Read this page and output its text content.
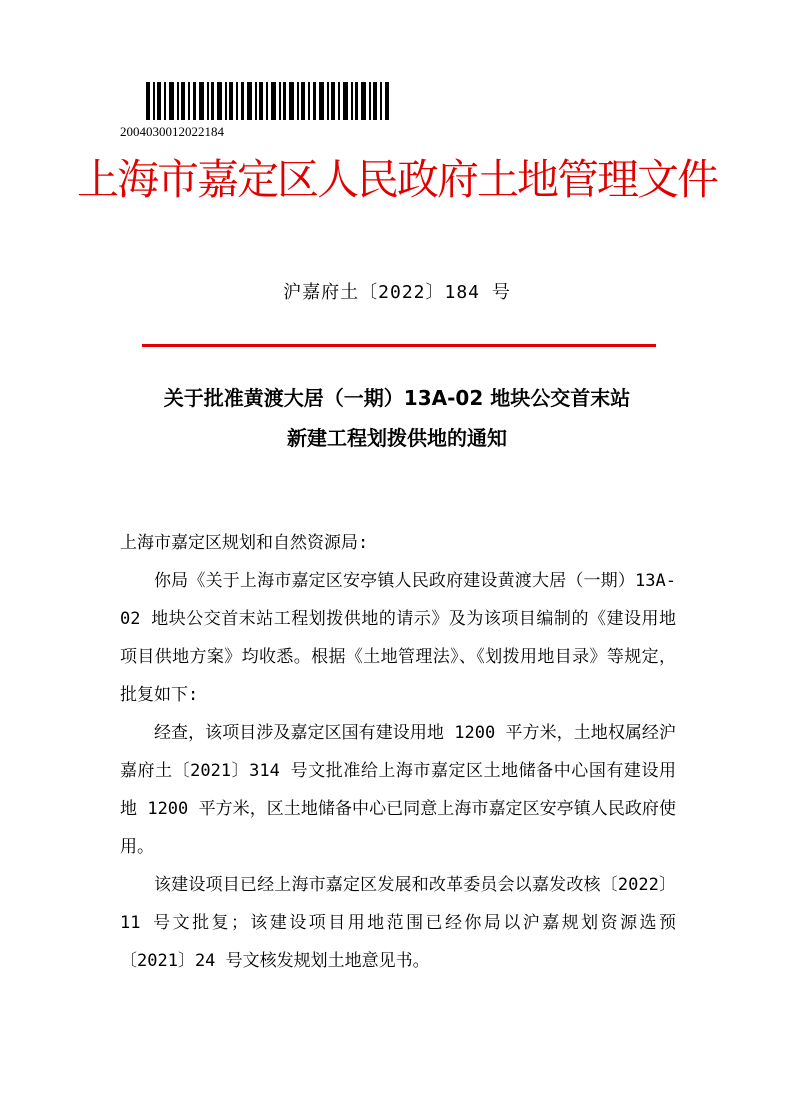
2004030012022184
上海市嘉定区人民政府土地管理文件
沪嘉府土〔2022〕184 号
关于批准黄渡大居（一期）13A-02 地块公交首末站
新建工程划拨供地的通知

上海市嘉定区规划和自然资源局:

你局《关于上海市嘉定区安亭镇人民政府建设黄渡大居（一期）13A-02 地块公交首末站工程划拨供地的请示》及为该项目编制的《建设用地项目供地方案》均收悉。根据《土地管理法》、《划拨用地目录》等规定，批复如下:

经查，该项目涉及嘉定区国有建设用地 1200 平方米，土地权属经沪嘉府土〔2021〕314 号文批准给上海市嘉定区土地储备中心国有建设用地 1200 平方米，区土地储备中心已同意上海市嘉定区安亭镇人民政府使用。

该建设项目已经上海市嘉定区发展和改革委员会以嘉发改核〔2022〕11 号文批复；该建设项目用地范围已经你局以沪嘉规划资源选预〔2021〕24 号文核发规划土地意见书。
